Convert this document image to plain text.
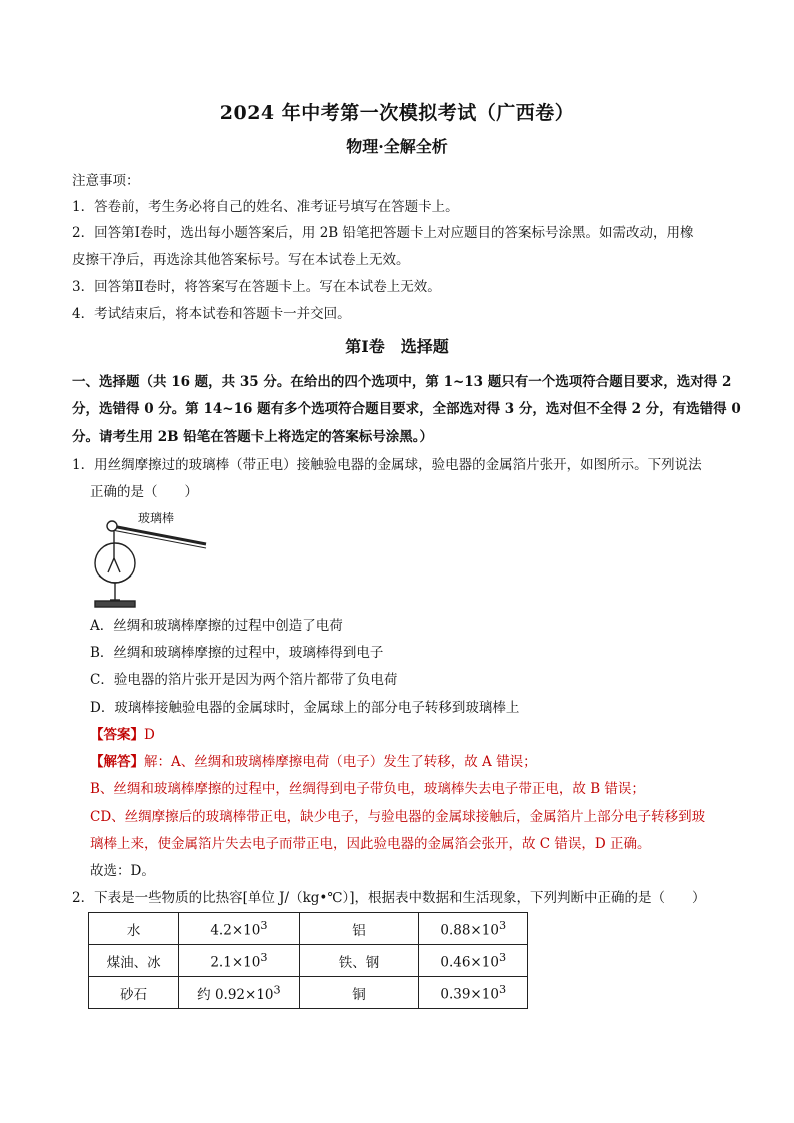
2024 年中考第一次模拟考试（广西卷）
物理·全解全析
注意事项：
1．答卷前，考生务必将自己的姓名、准考证号填写在答题卡上。
2．回答第Ⅰ卷时，选出每小题答案后，用 2B 铅笔把答题卡上对应题目的答案标号涂黑。如需改动，用橡
皮擦干净后，再选涂其他答案标号。写在本试卷上无效。
3．回答第Ⅱ卷时，将答案写在答题卡上。写在本试卷上无效。
4．考试结束后，将本试卷和答题卡一并交回。
第Ⅰ卷　选择题
一、选择题（共 16 题，共 35 分。在给出的四个选项中，第 1~13 题只有一个选项符合题目要求，选对得 2
分，选错得 0 分。第 14~16 题有多个选项符合题目要求，全部选对得 3 分，选对但不全得 2 分，有选错得 0
分。请考生用 2B 铅笔在答题卡上将选定的答案标号涂黑。）
1．用丝绸摩擦过的玻璃棒（带正电）接触验电器的金属球，验电器的金属箔片张开，如图所示。下列说法
正确的是（　　）
玻璃棒
A．丝绸和玻璃棒摩擦的过程中创造了电荷
B．丝绸和玻璃棒摩擦的过程中，玻璃棒得到电子
C．验电器的箔片张开是因为两个箔片都带了负电荷
D．玻璃棒接触验电器的金属球时，金属球上的部分电子转移到玻璃棒上
【答案】D
【解答】解：A、丝绸和玻璃棒摩擦电荷（电子）发生了转移，故 A 错误；
B、丝绸和玻璃棒摩擦的过程中，丝绸得到电子带负电，玻璃棒失去电子带正电，故 B 错误；
CD、丝绸摩擦后的玻璃棒带正电，缺少电子，与验电器的金属球接触后，金属箔片上部分电子转移到玻
璃棒上来，使金属箔片失去电子而带正电，因此验电器的金属箔会张开，故 C 错误，D 正确。
故选：D。
2．下表是一些物质的比热容[单位 J/（kg•℃）]，根据表中数据和生活现象，下列判断中正确的是（　　）
水	$4.2\times 10^3$	铝	$0.88\times 10^3$
煤油、冰	$2.1\times 10^3$	铁、钢	$0.46\times 10^3$
砂石	约 $0.92\times 10^3$	铜	$0.39\times 10^3$
